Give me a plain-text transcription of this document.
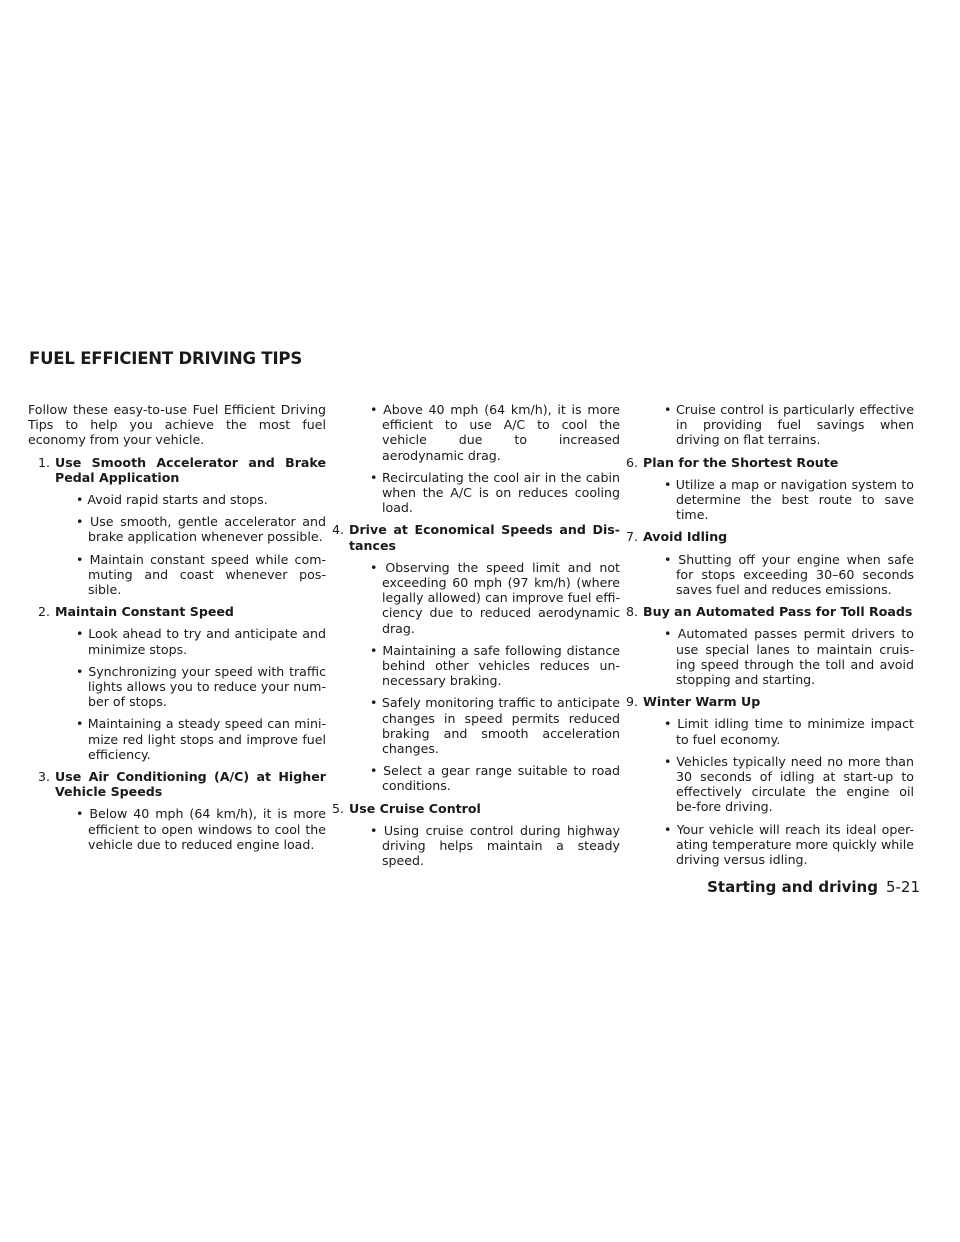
FUEL EFFICIENT DRIVING TIPS

Follow these easy-to-use Fuel Efficient Driving Tips to help you achieve the most fuel economy from your vehicle.

1. Use Smooth Accelerator and Brake Pedal Application
• Avoid rapid starts and stops.
• Use smooth, gentle accelerator and brake application whenever possible.
• Maintain constant speed while com-muting and coast whenever pos-sible.
2. Maintain Constant Speed
• Look ahead to try and anticipate and minimize stops.
• Synchronizing your speed with traffic lights allows you to reduce your num-ber of stops.
• Maintaining a steady speed can mini-mize red light stops and improve fuel efficiency.
3. Use Air Conditioning (A/C) at Higher Vehicle Speeds
• Below 40 mph (64 km/h), it is more efficient to open windows to cool the vehicle due to reduced engine load.
• Above 40 mph (64 km/h), it is more efficient to use A/C to cool the vehicle due to increased aerodynamic drag.
• Recirculating the cool air in the cabin when the A/C is on reduces cooling load.
4. Drive at Economical Speeds and Dis-tances
• Observing the speed limit and not exceeding 60 mph (97 km/h) (where legally allowed) can improve fuel effi-ciency due to reduced aerodynamic drag.
• Maintaining a safe following distance behind other vehicles reduces un-necessary braking.
• Safely monitoring traffic to anticipate changes in speed permits reduced braking and smooth acceleration changes.
• Select a gear range suitable to road conditions.
5. Use Cruise Control
• Using cruise control during highway driving helps maintain a steady speed.
• Cruise control is particularly effective in providing fuel savings when driving on flat terrains.
6. Plan for the Shortest Route
• Utilize a map or navigation system to determine the best route to save time.
7. Avoid Idling
• Shutting off your engine when safe for stops exceeding 30–60 seconds saves fuel and reduces emissions.
8. Buy an Automated Pass for Toll Roads
• Automated passes permit drivers to use special lanes to maintain cruis-ing speed through the toll and avoid stopping and starting.
9. Winter Warm Up
• Limit idling time to minimize impact to fuel economy.
• Vehicles typically need no more than 30 seconds of idling at start-up to effectively circulate the engine oil be-fore driving.
• Your vehicle will reach its ideal oper-ating temperature more quickly while driving versus idling.
Starting and driving 5-21
